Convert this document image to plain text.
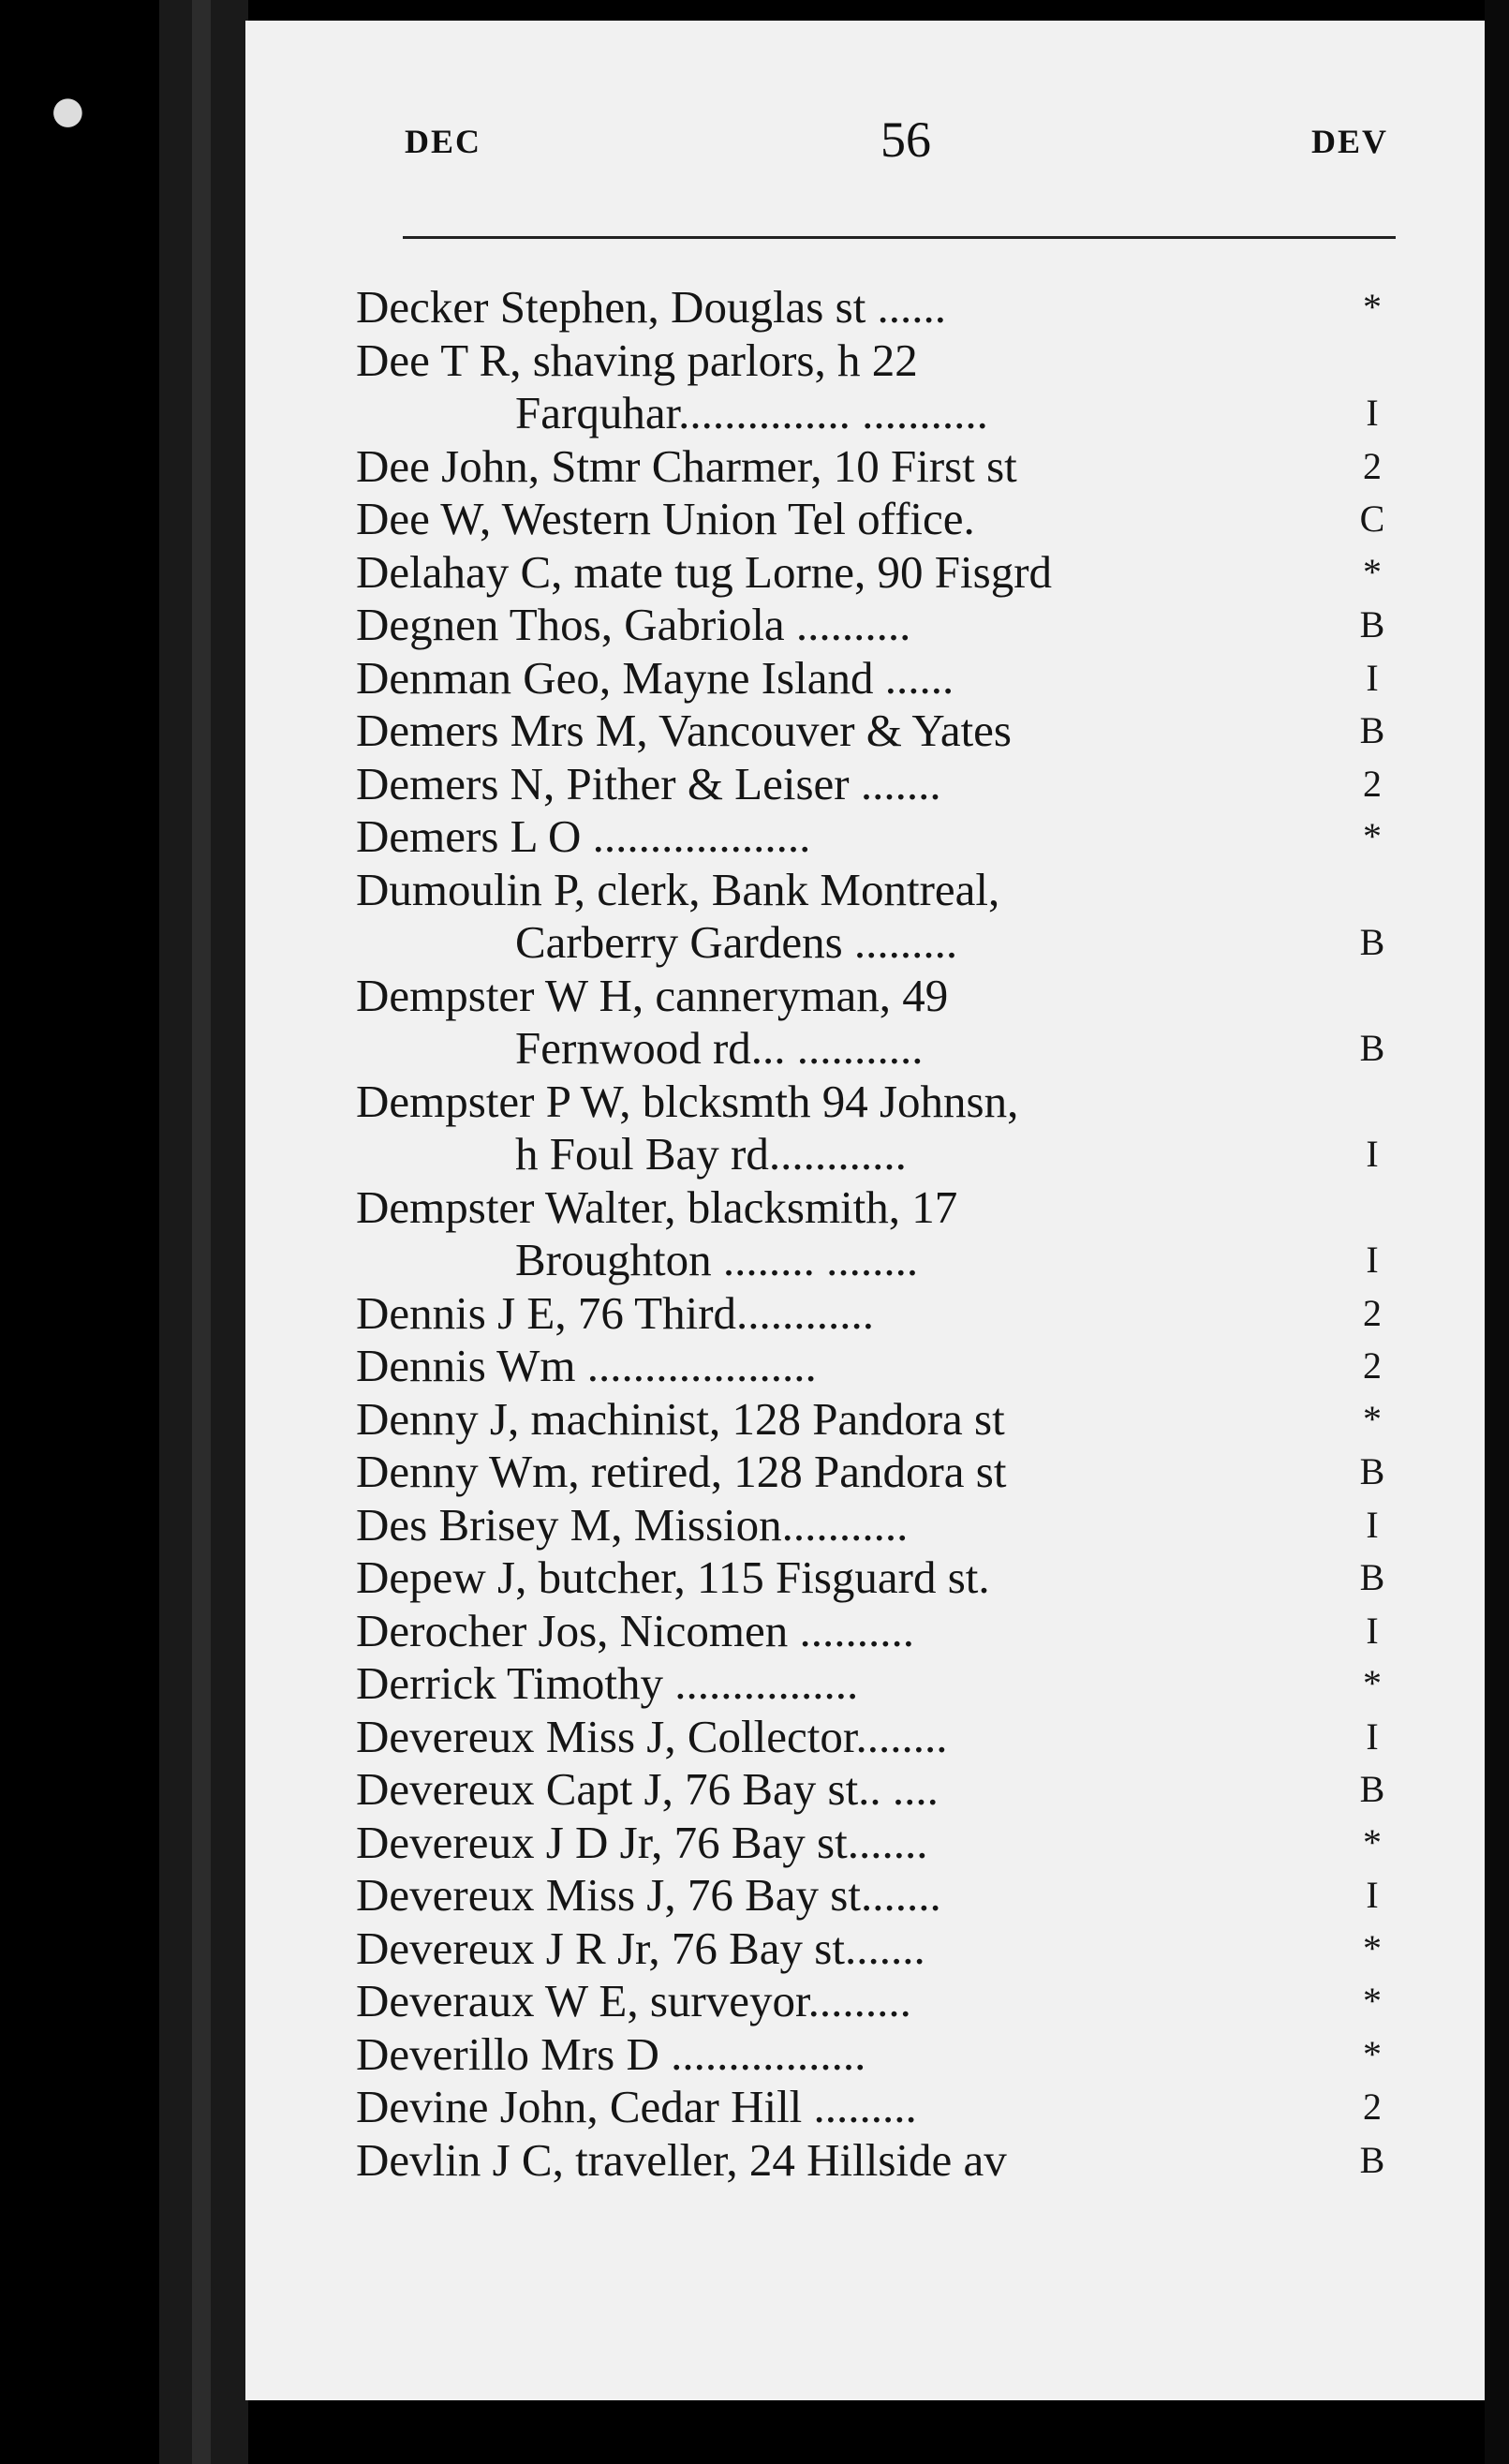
●
DEC	56	DEV
Decker Stephen, Douglas st ......	*
Dee T R, shaving parlors, h 22
Farquhar............... ...........	I
Dee John, Stmr Charmer, 10 First st	2
Dee W, Western Union Tel office.	C
Delahay C, mate tug Lorne, 90 Fisgrd	*
Degnen Thos, Gabriola ..........	B
Denman Geo, Mayne Island ......	I
Demers Mrs M, Vancouver & Yates	B
Demers N, Pither & Leiser .......	2
Demers L O ...................	*
Dumoulin P, clerk, Bank Montreal,
Carberry Gardens .........	B
Dempster W H, canneryman, 49
Fernwood rd... ...........	B
Dempster P W, blcksmth 94 Johnsn,
h Foul Bay rd............	I
Dempster Walter, blacksmith, 17
Broughton ........ ........	I
Dennis J E, 76 Third............	2
Dennis Wm ....................	2
Denny J, machinist, 128 Pandora st	*
Denny Wm, retired, 128 Pandora st	B
Des Brisey M, Mission...........	I
Depew J, butcher, 115 Fisguard st.	B
Derocher Jos, Nicomen ..........	I
Derrick Timothy ................	*
Devereux Miss J, Collector........	I
Devereux Capt J, 76 Bay st.. ....	B
Devereux J D Jr, 76 Bay st.......	*
Devereux Miss J, 76 Bay st.......	I
Devereux J R Jr, 76 Bay st.......	*
Deveraux W E, surveyor.........	*
Deverillo Mrs D .................	*
Devine John, Cedar Hill .........	2
Devlin J C, traveller, 24 Hillside av	B
